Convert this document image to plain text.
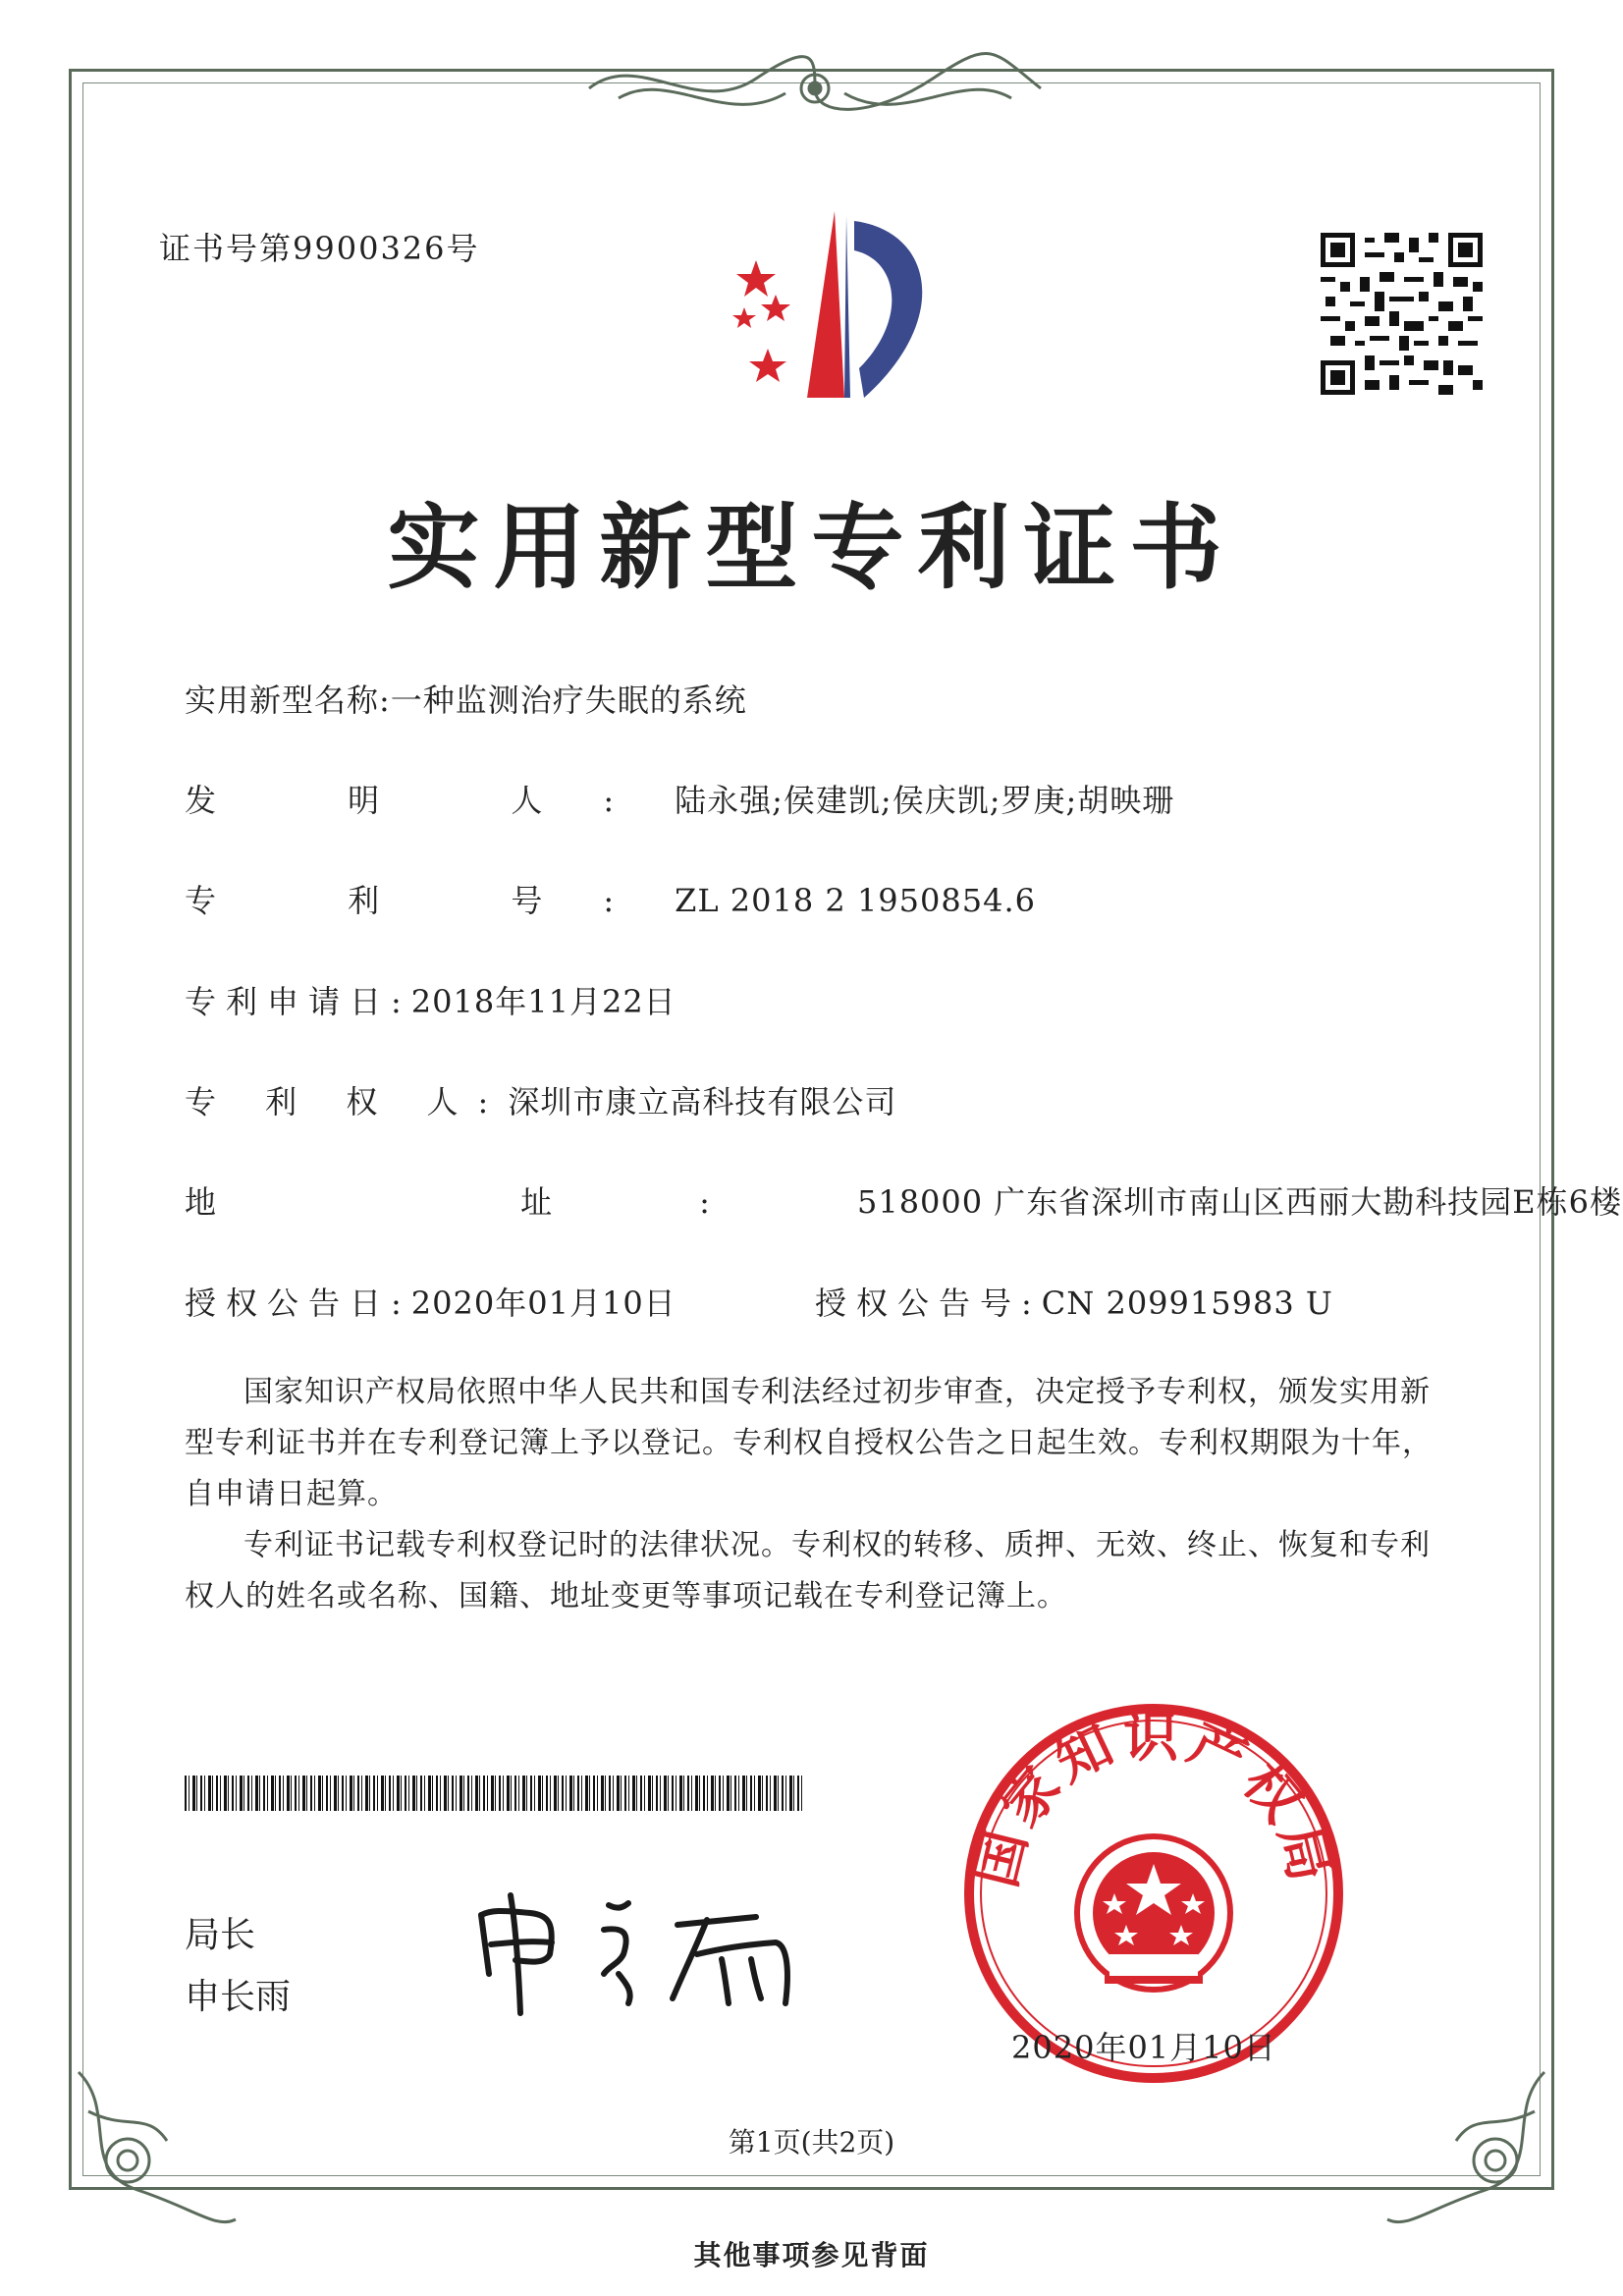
证书号第9900326号
实用新型专利证书
实用新型名称:一种监测治疗失眠的系统
发 明 人:陆永强;侯建凯;侯庆凯;罗庚;胡映珊
专 利 号:ZL 2018 2 1950854.6
专利申请日:2018年11月22日
专 利 权 人:深圳市康立高科技有限公司
地 址:518000 广东省深圳市南山区西丽大勘科技园E栋6楼
授权公告日:2020年01月10日	授权公告号:CN 209915983 U
国家知识产权局依照中华人民共和国专利法经过初步审查，决定授予专利权，颁发实用新型专利证书并在专利登记簿上予以登记。专利权自授权公告之日起生效。专利权期限为十年，自申请日起算。
专利证书记载专利权登记时的法律状况。专利权的转移、质押、无效、终止、恢复和专利权人的姓名或名称、国籍、地址变更等事项记载在专利登记簿上。
局长
申长雨
国家知识产权局
2020年01月10日
第1页(共2页)
其他事项参见背面
